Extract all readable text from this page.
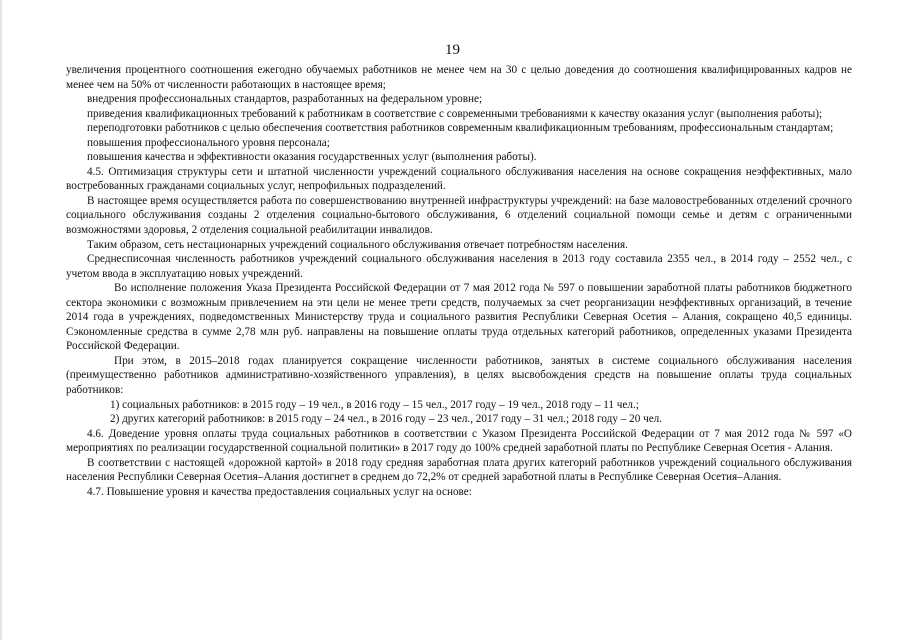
19

увеличения процентного соотношения ежегодно обучаемых работников не менее чем на 30 с целью доведения до соотношения квалифицированных кадров не менее чем на 50% от численности работающих в настоящее время;

внедрения профессиональных стандартов, разработанных на федеральном уровне;

приведения квалификационных требований к работникам в соответствие с современными требованиями к качеству оказания услуг (выполнения работы);

переподготовки работников с целью обеспечения соответствия работников современным квалификационным требованиям, профессиональным стандартам;

повышения профессионального уровня персонала;

повышения качества и эффективности оказания государственных услуг (выполнения работы).

4.5. Оптимизация структуры сети и штатной численности учреждений социального обслуживания населения на основе сокращения неэффективных, мало востребованных гражданами социальных услуг, непрофильных подразделений.

В настоящее время осуществляется работа по совершенствованию внутренней инфраструктуры учреждений: на базе маловостребованных отделений срочного социального обслуживания созданы 2 отделения социально-бытового обслуживания, 6 отделений социальной помощи семье и детям с ограниченными возможностями здоровья, 2 отделения социальной реабилитации инвалидов.

Таким образом, сеть нестационарных учреждений социального обслуживания отвечает потребностям населения.

Среднесписочная численность работников учреждений социального обслуживания населения в 2013 году составила 2355 чел., в 2014 году – 2552 чел., с учетом ввода в эксплуатацию новых учреждений.

Во исполнение положения Указа Президента Российской Федерации от 7 мая 2012 года № 597 о повышении заработной платы работников бюджетного сектора экономики с возможным привлечением на эти цели не менее трети средств, получаемых за счет реорганизации неэффективных организаций, в течение 2014 года в учреждениях, подведомственных Министерству труда и социального развития Республики Северная Осетия – Алания, сокращено 40,5 единицы. Сэкономленные средства в сумме 2,78 млн руб. направлены на повышение оплаты труда отдельных категорий работников, определенных указами Президента Российской Федерации.

При этом, в 2015–2018 годах планируется сокращение численности работников, занятых в системе социального обслуживания населения (преимущественно работников административно-хозяйственного управления), в целях высвобождения средств на повышение оплаты труда социальных работников:

1) социальных работников: в 2015 году – 19 чел., в 2016 году – 15 чел., 2017 году – 19 чел., 2018 году – 11 чел.;

2) других категорий работников: в 2015 году – 24 чел., в 2016 году – 23 чел., 2017 году – 31 чел.; 2018 году – 20 чел.

4.6. Доведение уровня оплаты труда социальных работников в соответствии с Указом Президента Российской Федерации от 7 мая 2012 года № 597 «О мероприятиях по реализации государственной социальной политики» в 2017 году до 100% средней заработной платы по Республике Северная Осетия - Алания.

В соответствии с настоящей «дорожной картой» в 2018 году средняя заработная плата других категорий работников учреждений социального обслуживания населения Республики Северная Осетия–Алания достигнет в среднем до 72,2% от средней заработной платы в Республике Северная Осетия–Алания.

4.7. Повышение уровня и качества предоставления социальных услуг на основе:
